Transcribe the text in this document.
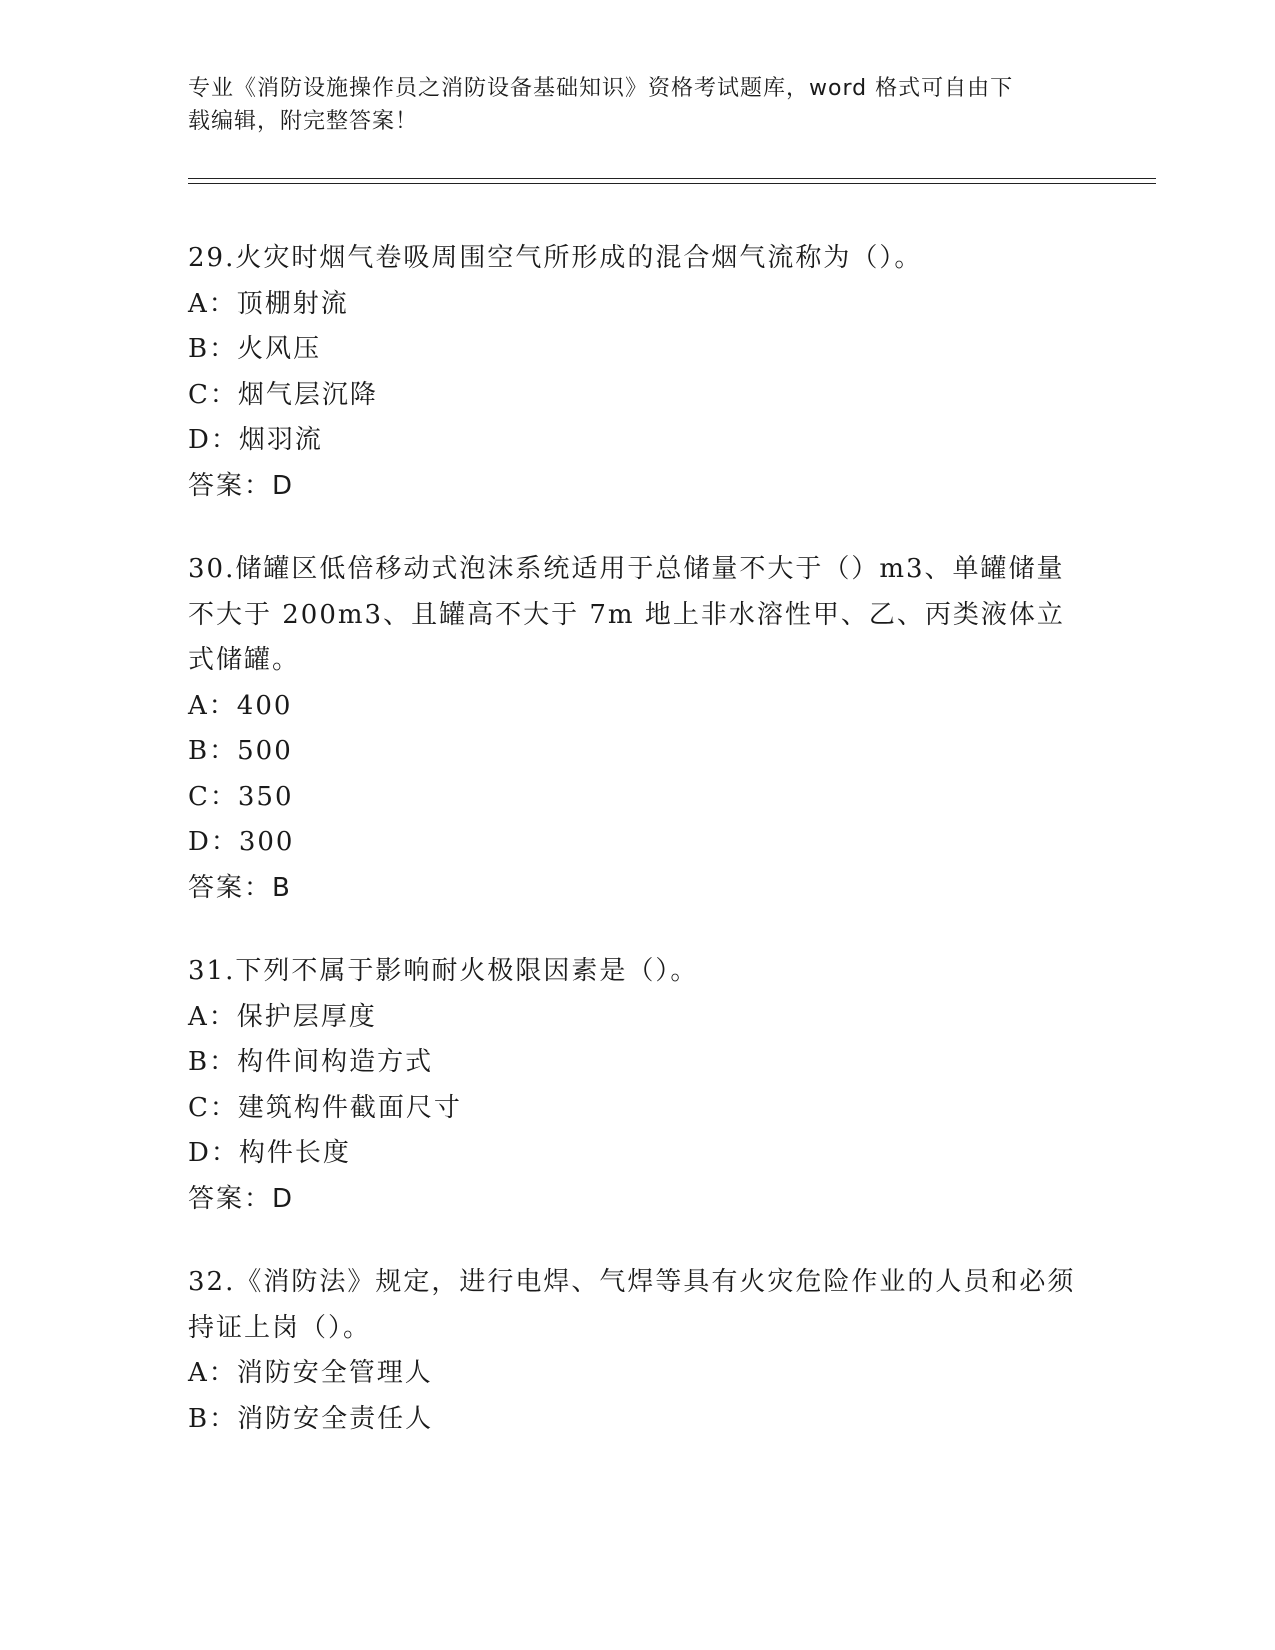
专业《消防设施操作员之消防设备基础知识》资格考试题库，word 格式可自由下
载编辑，附完整答案！

29.火灾时烟气卷吸周围空气所形成的混合烟气流称为（）。

A：顶棚射流

B：火风压

C：烟气层沉降

D：烟羽流

答案：D

30.储罐区低倍移动式泡沫系统适用于总储量不大于（）m3、单罐储量不大于 200m3、且罐高不大于 7m 地上非水溶性甲、乙、丙类液体立式储罐。

A：400

B：500

C：350

D：300

答案：B

31.下列不属于影响耐火极限因素是（）。

A：保护层厚度

B：构件间构造方式

C：建筑构件截面尺寸

D：构件长度

答案：D

32.《消防法》规定，进行电焊、气焊等具有火灾危险作业的人员和必须持证上岗（）。

A：消防安全管理人

B：消防安全责任人
